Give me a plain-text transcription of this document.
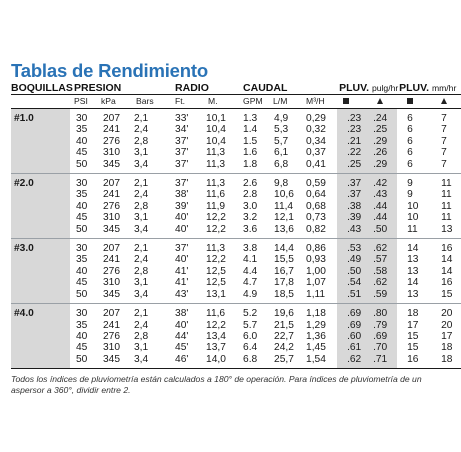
Tablas de Rendimiento
BOQUILLAS	PRESION			RADIO		CAUDAL			PLUV. pulg/hr		PLUV. mm/hr	
	PSI	kPa	Bars	Ft.	M.	GPM	L/M	M³/H				

#1.0	30	207	2,1	33'	10,1	1.3	4,9	0,29	.23	.24	6	7
	35	241	2,4	34'	10,4	1.4	5,3	0,32	.23	.25	6	7
	40	276	2,8	37'	10,4	1.5	5,7	0,34	.21	.29	6	7
	45	310	3,1	37'	11,3	1.6	6,1	0,37	.22	.26	6	7
	50	345	3,4	37'	11,3	1.8	6,8	0,41	.25	.29	6	7

#2.0	30	207	2,1	37'	11,3	2.6	9,8	0,59	.37	.42	9	11
	35	241	2,4	38'	11,6	2.8	10,6	0,64	.37	.43	9	11
	40	276	2,8	39'	11,9	3.0	11,4	0,68	.38	.44	10	11
	45	310	3,1	40'	12,2	3.2	12,1	0,73	.39	.44	10	11
	50	345	3,4	40'	12,2	3.6	13,6	0,82	.43	.50	11	13

#3.0	30	207	2,1	37'	11,3	3.8	14,4	0,86	.53	.62	14	16
	35	241	2,4	40'	12,2	4.1	15,5	0,93	.49	.57	13	14
	40	276	2,8	41'	12,5	4.4	16,7	1,00	.50	.58	13	14
	45	310	3,1	41'	12,5	4.7	17,8	1,07	.54	.62	14	16
	50	345	3,4	43'	13,1	4.9	18,5	1,11	.51	.59	13	15

#4.0	30	207	2,1	38'	11,6	5.2	19,6	1,18	.69	.80	18	20
	35	241	2,4	40'	12,2	5.7	21,5	1,29	.69	.79	17	20
	40	276	2,8	44'	13,4	6.0	22,7	1,36	.60	.69	15	17
	45	310	3,1	45'	13,7	6.4	24,2	1,45	.61	.70	15	18
	50	345	3,4	46'	14,0	6.8	25,7	1,54	.62	.71	16	18

Todos los índices de pluviometría están calculados a 180° de operación. Para índices de pluviometría de un aspersor a 360°, dividir entre 2.
